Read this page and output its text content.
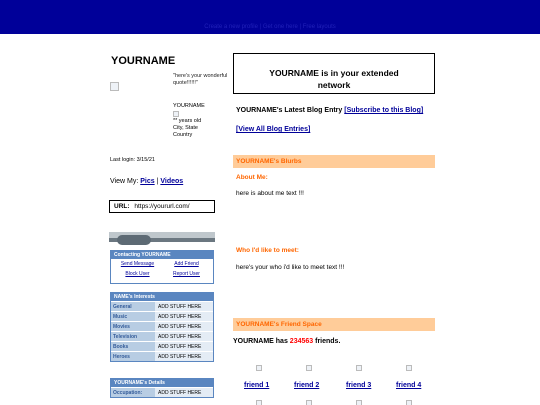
Create a new profile | Get one here | Free layouts
YOURNAME
"here's your wonderful quote!!!!!!"
YOURNAME
** years old
City, State
Country
Last login: 3/15/21
View My: Pics | Videos
URL: https://yoururl.com/
Contacting YOURNAME
Send Message	Add Friend
Block User	Report User
NAME's Interests
General	ADD STUFF HERE
Music	ADD STUFF HERE
Movies	ADD STUFF HERE
Television	ADD STUFF HERE
Books	ADD STUFF HERE
Heroes	ADD STUFF HERE
YOURNAME's Details
Occupation:	ADD STUFF HERE
YOURNAME is in your extended
network
YOURNAME's Latest Blog Entry [Subscribe to this Blog]
[View All Blog Entries]
YOURNAME's Blurbs
About Me:
here is about me text !!!
Who I'd like to meet:
here's your who i'd like to meet text !!!
YOURNAME's Friend Space
YOURNAME has 234563 friends.
friend 1	friend 2	friend 3	friend 4
